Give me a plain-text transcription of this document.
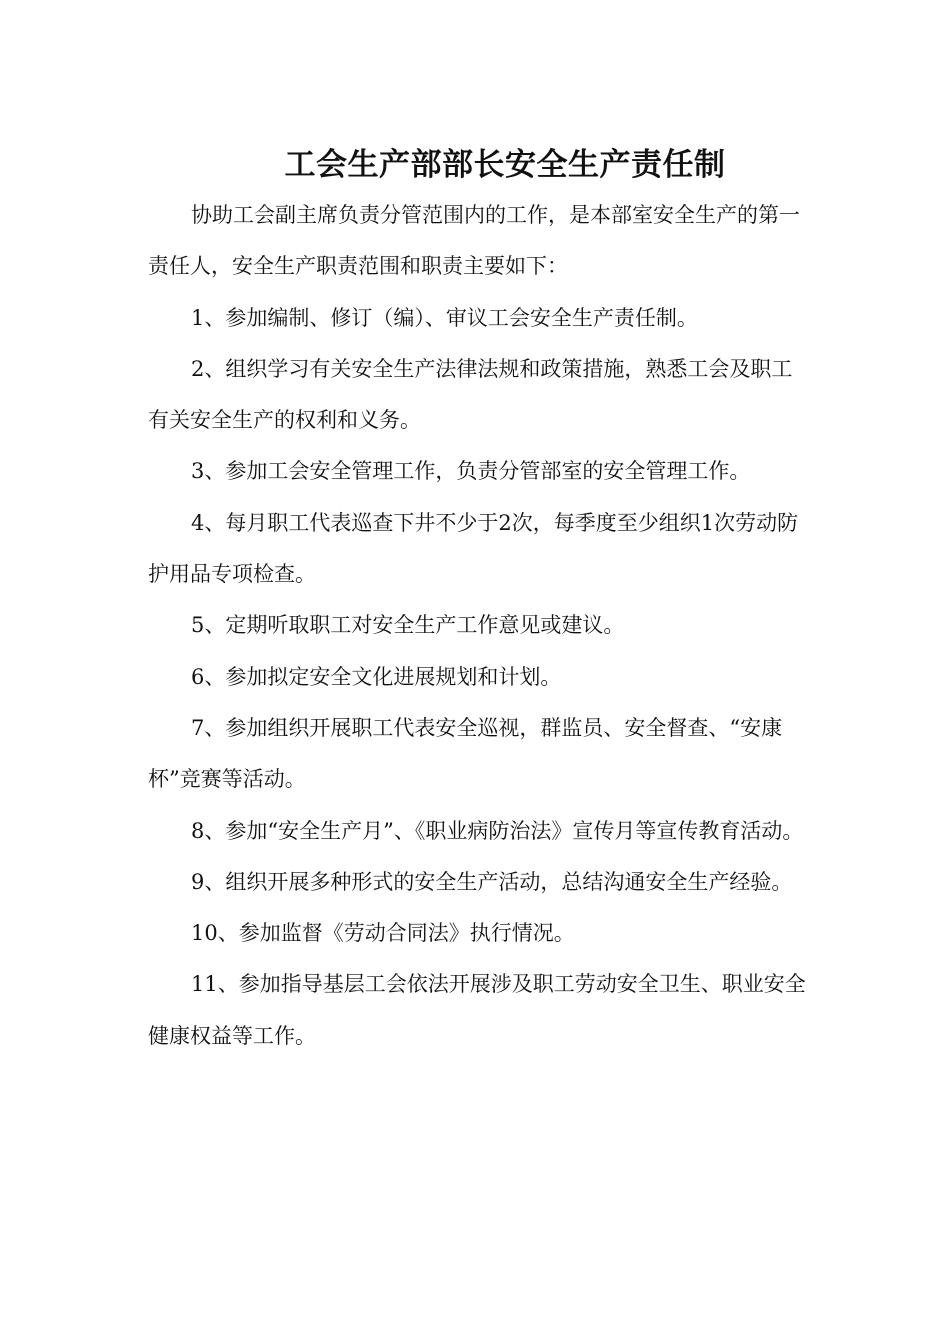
工会生产部部长安全生产责任制

协助工会副主席负责分管范围内的工作，是本部室安全生产的第一责任人，安全生产职责范围和职责主要如下：

1、参加编制、修订（编）、审议工会安全生产责任制。

2、组织学习有关安全生产法律法规和政策措施，熟悉工会及职工有关安全生产的权利和义务。

3、参加工会安全管理工作，负责分管部室的安全管理工作。

4、每月职工代表巡查下井不少于2次，每季度至少组织1次劳动防护用品专项检查。

5、定期听取职工对安全生产工作意见或建议。

6、参加拟定安全文化进展规划和计划。

7、参加组织开展职工代表安全巡视，群监员、安全督查、“安康杯”竞赛等活动。

8、参加“安全生产月”、《职业病防治法》宣传月等宣传教育活动。

9、组织开展多种形式的安全生产活动，总结沟通安全生产经验。

10、参加监督《劳动合同法》执行情况。

11、参加指导基层工会依法开展涉及职工劳动安全卫生、职业安全健康权益等工作。
